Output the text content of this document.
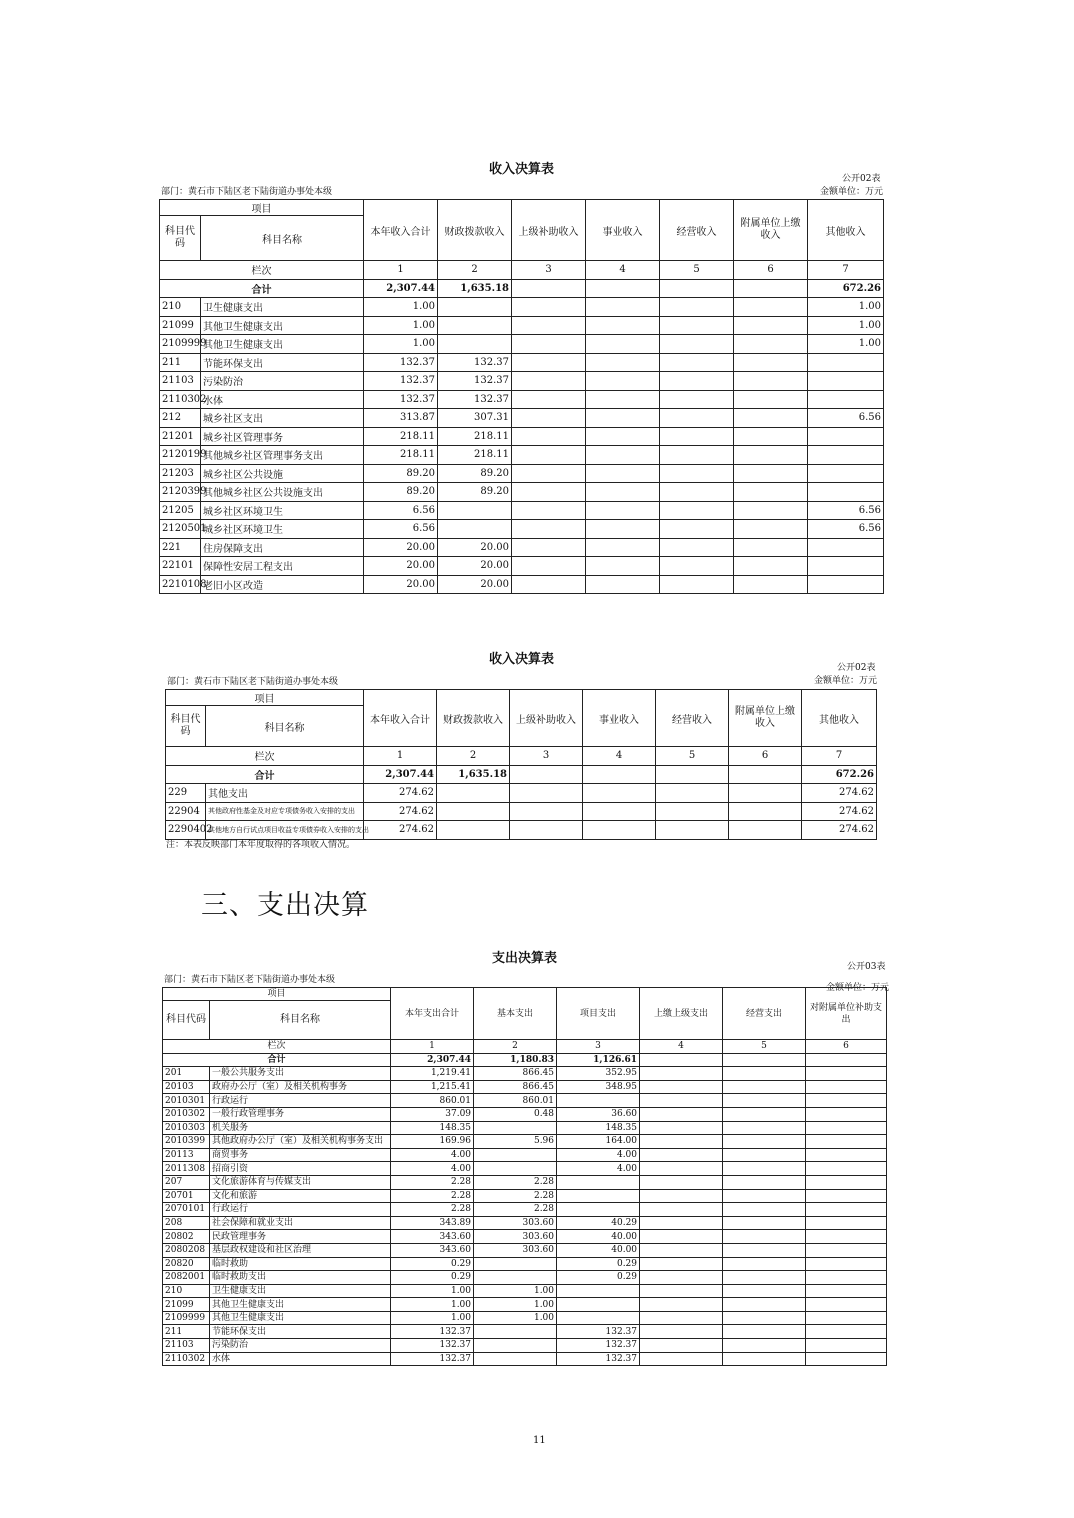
收入决算表
公开02表
部门：黄石市下陆区老下陆街道办事处本级	金额单位：万元
项目		本年收入合计	财政拨款收入	上级补助收入	事业收入	经营收入	附属单位上缴收入	其他收入
科目代码	科目名称							
栏次		1	2	3	4	5	6	7
合计		2,307.44	1,635.18					672.26
210	卫生健康支出	1.00						1.00
21099	其他卫生健康支出	1.00						1.00
2109999	其他卫生健康支出	1.00						1.00
211	节能环保支出	132.37	132.37					
21103	污染防治	132.37	132.37					
2110302	水体	132.37	132.37					
212	城乡社区支出	313.87	307.31					6.56
21201	城乡社区管理事务	218.11	218.11					
2120199	其他城乡社区管理事务支出	218.11	218.11					
21203	城乡社区公共设施	89.20	89.20					
2120399	其他城乡社区公共设施支出	89.20	89.20					
21205	城乡社区环境卫生	6.56						6.56
2120501	城乡社区环境卫生	6.56						6.56
221	住房保障支出	20.00	20.00					
22101	保障性安居工程支出	20.00	20.00					
2210108	老旧小区改造	20.00	20.00					
收入决算表
公开02表
部门：黄石市下陆区老下陆街道办事处本级	金额单位：万元
项目		本年收入合计	财政拨款收入	上级补助收入	事业收入	经营收入	附属单位上缴收入	其他收入
科目代码	科目名称							
栏次		1	2	3	4	5	6	7
合计		2,307.44	1,635.18					672.26
229	其他支出	274.62						274.62
22904	其他政府性基金及对应专项债务收入安排的支出	274.62						274.62
2290402	其他地方自行试点项目收益专项债券收入安排的支出	274.62						274.62
注：本表反映部门本年度取得的各项收入情况。
三、支出决算
支出决算表
公开03表
部门：黄石市下陆区老下陆街道办事处本级
金额单位：万元
项目		本年支出合计	基本支出	项目支出	上缴上级支出	经营支出	对附属单位补助支出
科目代码	科目名称						
栏次		1	2	3	4	5	6
合计		2,307.44	1,180.83	1,126.61			
201	一般公共服务支出	1,219.41	866.45	352.95			
20103	政府办公厅（室）及相关机构事务	1,215.41	866.45	348.95			
2010301	行政运行	860.01	860.01				
2010302	一般行政管理事务	37.09	0.48	36.60			
2010303	机关服务	148.35		148.35			
2010399	其他政府办公厅（室）及相关机构事务支出	169.96	5.96	164.00			
20113	商贸事务	4.00		4.00			
2011308	招商引资	4.00		4.00			
207	文化旅游体育与传媒支出	2.28	2.28				
20701	文化和旅游	2.28	2.28				
2070101	行政运行	2.28	2.28				
208	社会保障和就业支出	343.89	303.60	40.29			
20802	民政管理事务	343.60	303.60	40.00			
2080208	基层政权建设和社区治理	343.60	303.60	40.00			
20820	临时救助	0.29		0.29			
2082001	临时救助支出	0.29		0.29			
210	卫生健康支出	1.00	1.00				
21099	其他卫生健康支出	1.00	1.00				
2109999	其他卫生健康支出	1.00	1.00				
211	节能环保支出	132.37		132.37			
21103	污染防治	132.37		132.37			
2110302	水体	132.37		132.37			
11
